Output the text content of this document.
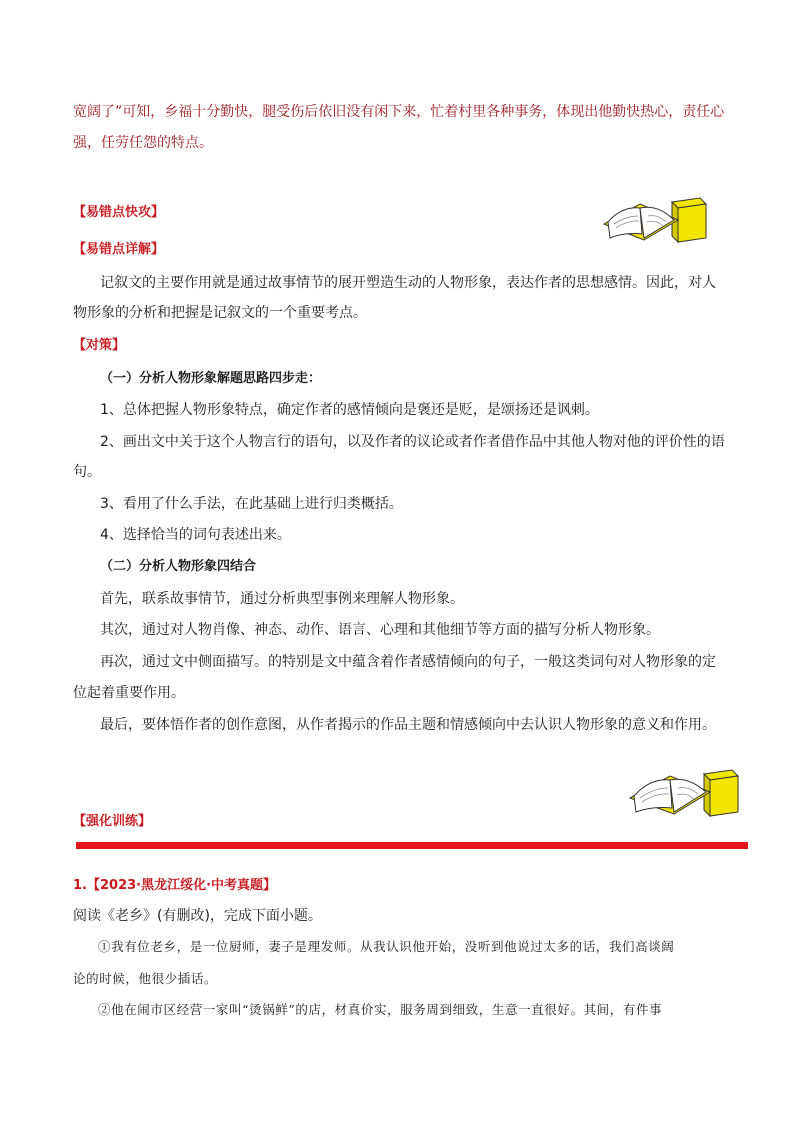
宽阔了”可知，乡福十分勤快，腿受伤后依旧没有闲下来，忙着村里各种事务，体现出他勤快热心，责任心
强，任劳任怨的特点。
【易错点快攻】
【易错点详解】
记叙文的主要作用就是通过故事情节的展开塑造生动的人物形象，表达作者的思想感情。因此，对人
物形象的分析和把握是记叙文的一个重要考点。
【对策】
（一）分析人物形象解题思路四步走：
1、总体把握人物形象特点，确定作者的感情倾向是褒还是贬，是颂扬还是讽刺。
2、画出文中关于这个人物言行的语句，以及作者的议论或者作者借作品中其他人物对他的评价性的语
句。
3、看用了什么手法，在此基础上进行归类概括。
4、选择恰当的词句表述出来。
（二）分析人物形象四结合
首先，联系故事情节，通过分析典型事例来理解人物形象。
其次，通过对人物肖像、神态、动作、语言、心理和其他细节等方面的描写分析人物形象。
再次，通过文中侧面描写。的特别是文中蕴含着作者感情倾向的句子，一般这类词句对人物形象的定
位起着重要作用。
最后，要体悟作者的创作意图，从作者揭示的作品主题和情感倾向中去认识人物形象的意义和作用。
【强化训练】
1.【2023·黑龙江绥化·中考真题】
阅读《老乡》(有删改)，完成下面小题。
①我有位老乡，是一位厨师，妻子是理发师。从我认识他开始，没听到他说过太多的话，我们高谈阔
论的时候，他很少插话。
②他在闹市区经营一家叫“烫锅鲜”的店，材真价实，服务周到细致，生意一直很好。其间，有件事
